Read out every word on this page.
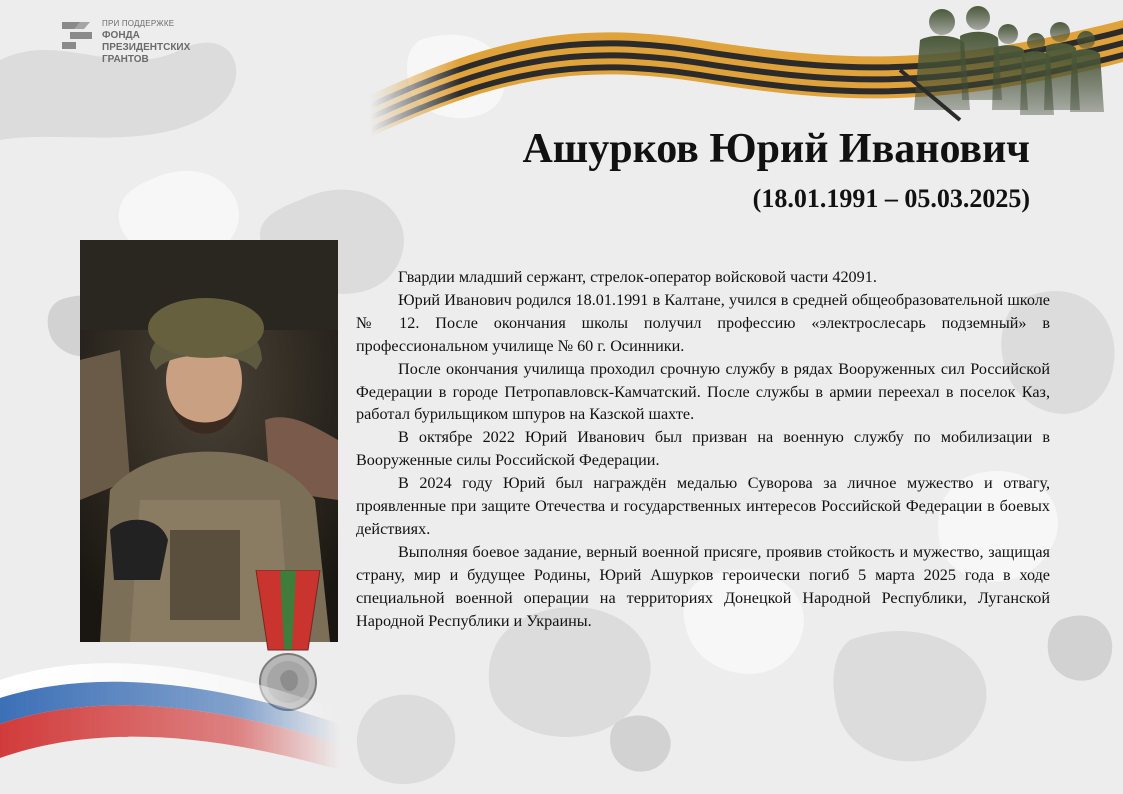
ПРИ ПОДДЕРЖКЕ
ФОНДА
ПРЕЗИДЕНТСКИХ
ГРАНТОВ
Ашурков Юрий Иванович
(18.01.1991 – 05.03.2025)

Гвардии младший сержант, стрелок-оператор войсковой части 42091.

Юрий Иванович родился 18.01.1991 в Калтане, учился в средней общеобразовательной школе № 12. После окончания школы получил профессию «электрослесарь подземный» в профессиональном училище № 60 г. Осинники.

После окончания училища проходил срочную службу в рядах Вооруженных сил Российской Федерации в городе Петропавловск-Камчатский. После службы в армии переехал в поселок Каз, работал бурильщиком шпуров на Казской шахте.

В октябре 2022 Юрий Иванович был призван на военную службу по мобилизации в Вооруженные силы Российской Федерации.

В 2024 году Юрий был награждён медалью Суворова за личное мужество и отвагу, проявленные при защите Отечества и государственных интересов Российской Федерации в боевых действиях.

Выполняя боевое задание, верный военной присяге, проявив стойкость и мужество, защищая страну, мир и будущее Родины, Юрий Ашурков героически погиб 5 марта 2025 года в ходе специальной военной операции на территориях Донецкой Народной Республики, Луганской Народной Республики и Украины.
